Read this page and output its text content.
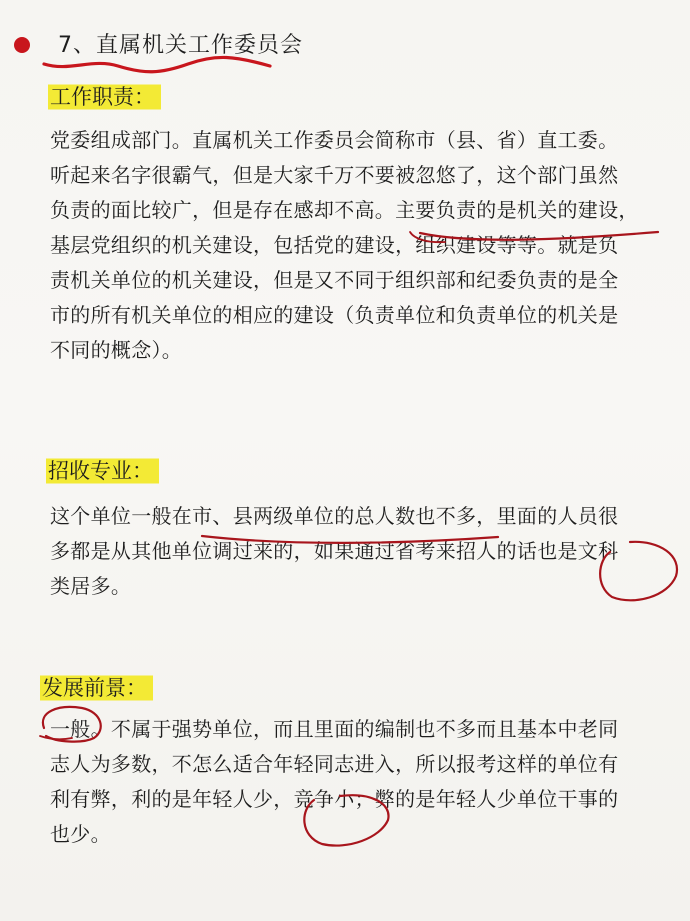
7、直属机关工作委员会
工作职责：
党委组成部门。直属机关工作委员会简称市（县、省）直工委。
听起来名字很霸气，但是大家千万不要被忽悠了，这个部门虽然
负责的面比较广，但是存在感却不高。主要负责的是机关的建设，
基层党组织的机关建设，包括党的建设，组织建设等等。就是负
责机关单位的机关建设，但是又不同于组织部和纪委负责的是全
市的所有机关单位的相应的建设（负责单位和负责单位的机关是
不同的概念）。
招收专业：
这个单位一般在市、县两级单位的总人数也不多，里面的人员很
多都是从其他单位调过来的，如果通过省考来招人的话也是文科
类居多。
发展前景：
一般。不属于强势单位，而且里面的编制也不多而且基本中老同
志人为多数，不怎么适合年轻同志进入，所以报考这样的单位有
利有弊，利的是年轻人少，竞争小；弊的是年轻人少单位干事的
也少。
